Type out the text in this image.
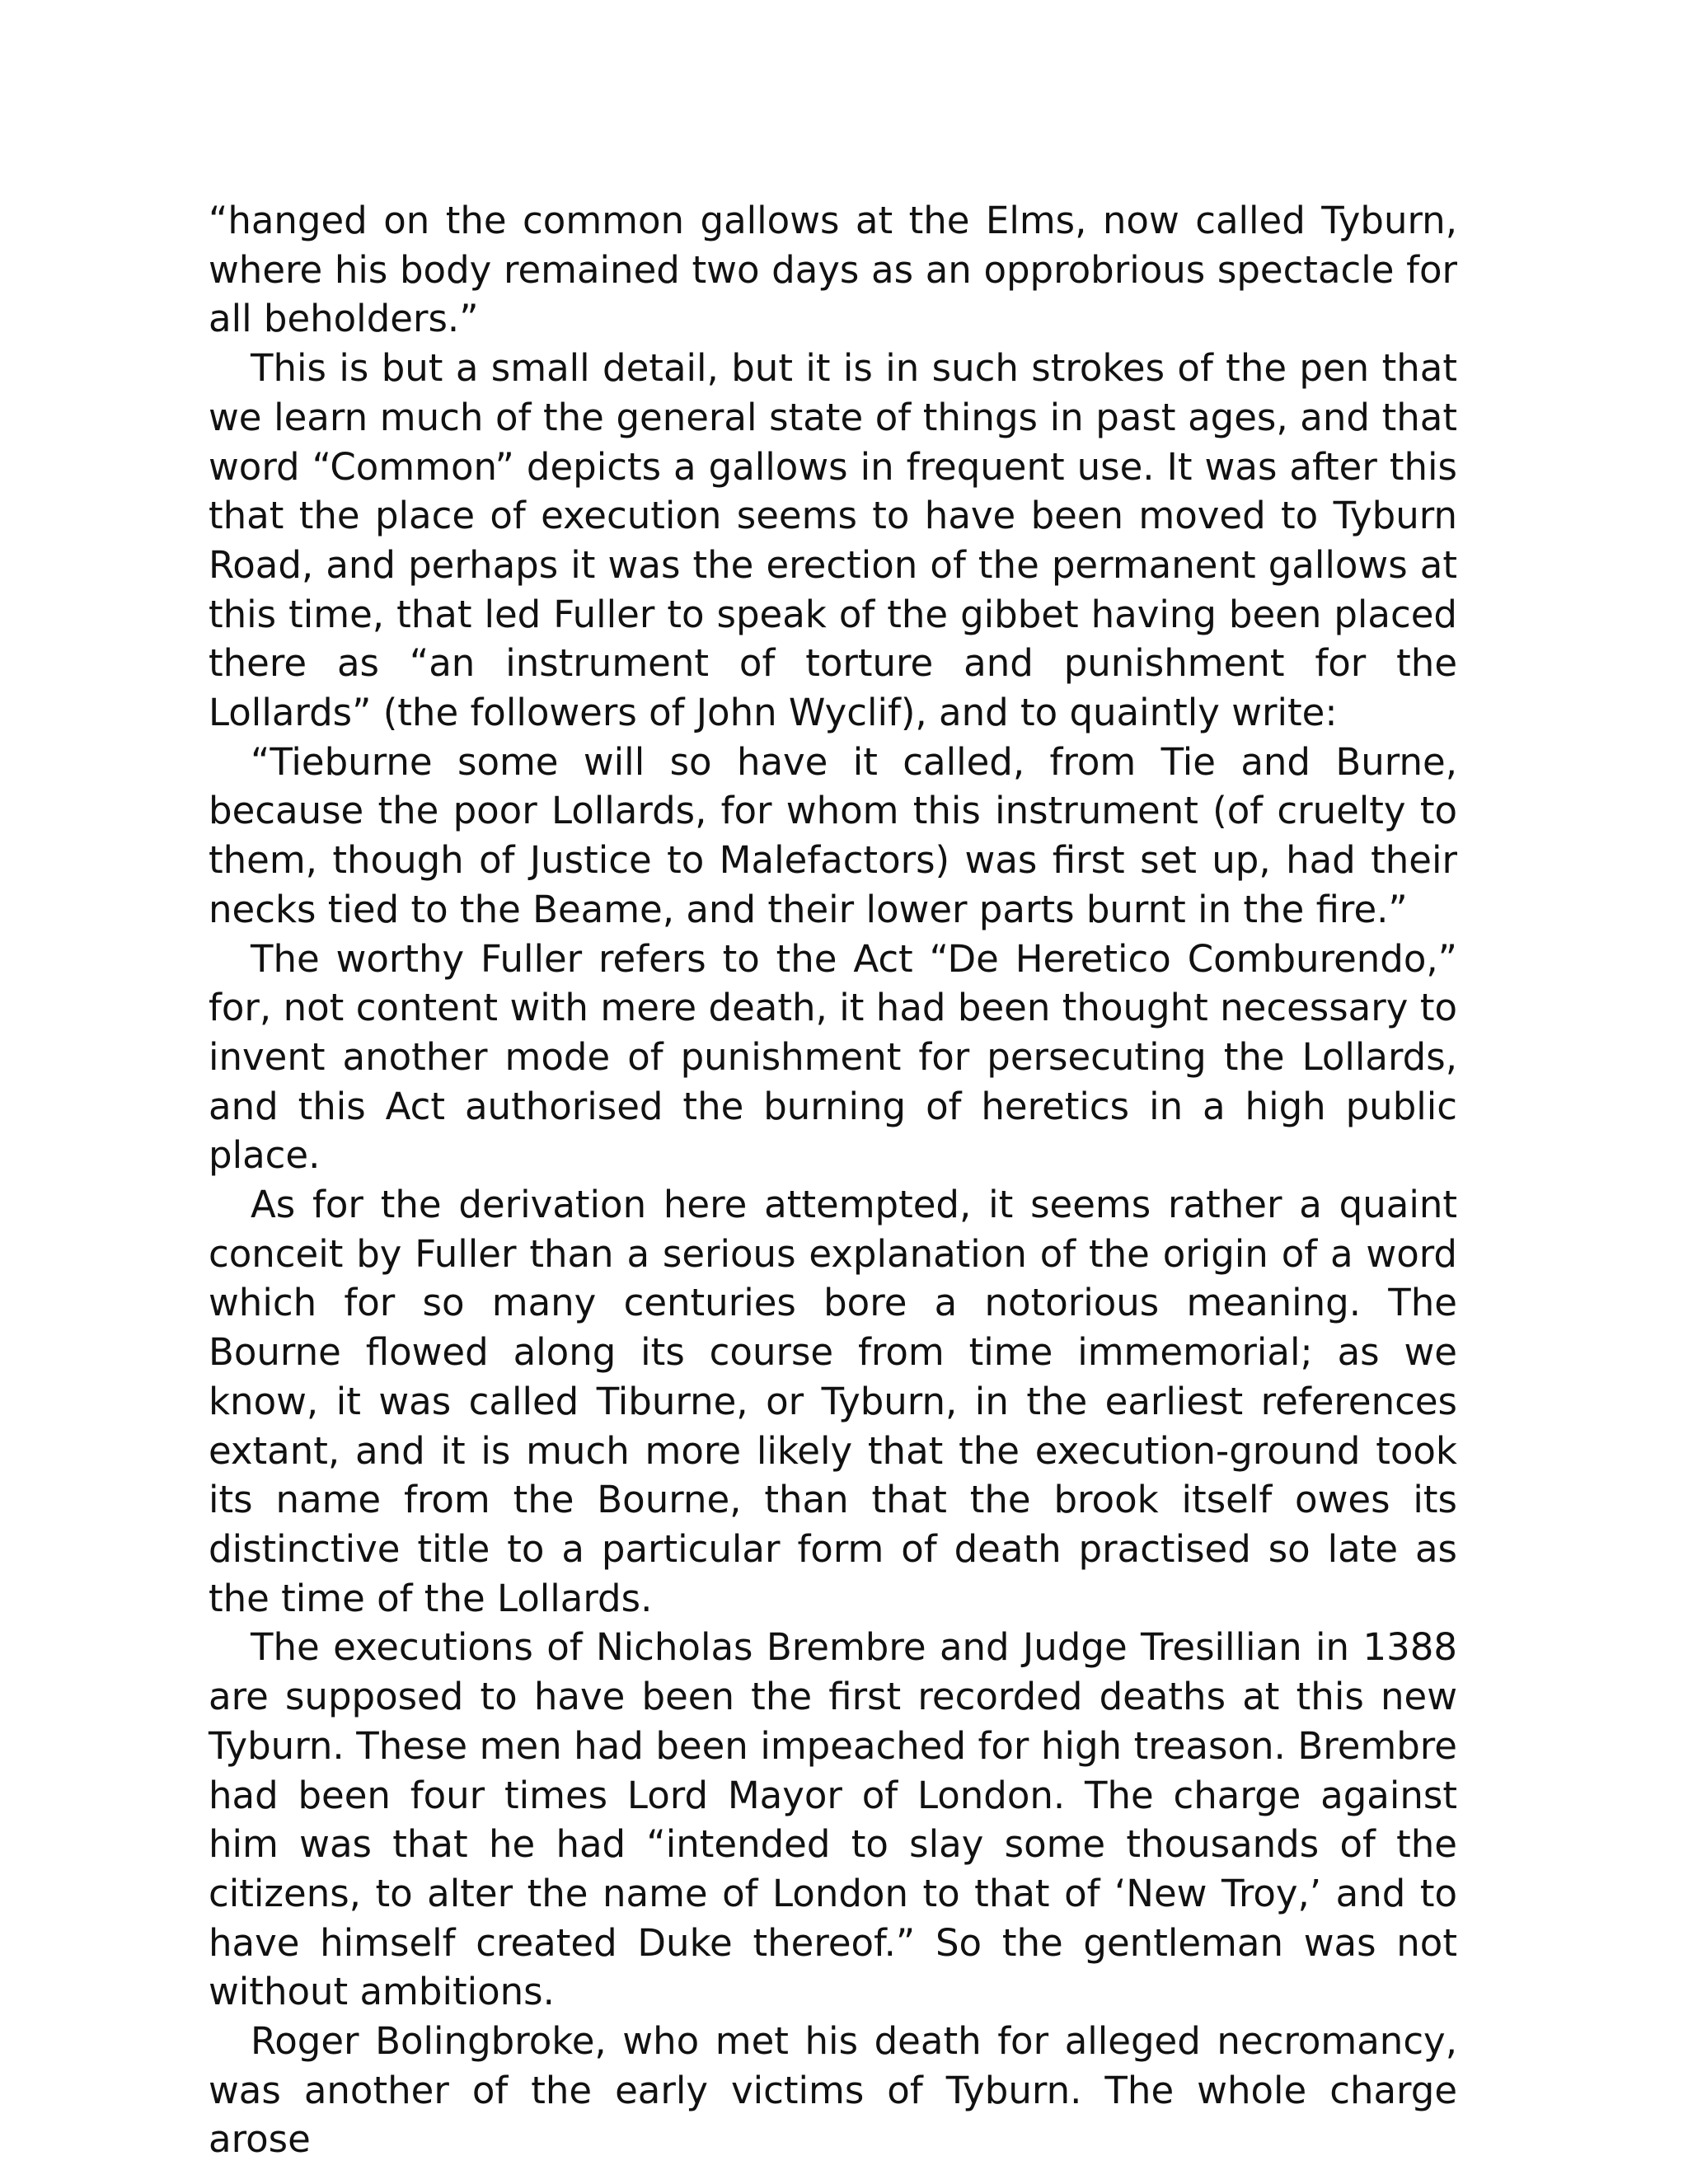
“hanged on the common gallows at the Elms, now called Tyburn, where his body remained two days as an opprobrious spectacle for all beholders.”

This is but a small detail, but it is in such strokes of the pen that we learn much of the general state of things in past ages, and that word “Common” depicts a gallows in frequent use. It was after this that the place of execution seems to have been moved to Tyburn Road, and perhaps it was the erection of the permanent gallows at this time, that led Fuller to speak of the gibbet having been placed there as “an instrument of torture and punishment for the Lollards” (the followers of John Wyclif), and to quaintly write:

“Tieburne some will so have it called, from Tie and Burne, because the poor Lollards, for whom this instrument (of cruelty to them, though of Justice to Malefactors) was first set up, had their necks tied to the Beame, and their lower parts burnt in the fire.”

The worthy Fuller refers to the Act “De Heretico Comburendo,” for, not content with mere death, it had been thought necessary to invent another mode of punishment for persecuting the Lollards, and this Act authorised the burning of heretics in a high public place.

As for the derivation here attempted, it seems rather a quaint conceit by Fuller than a serious explanation of the origin of a word which for so many centuries bore a notorious meaning. The Bourne flowed along its course from time immemorial; as we know, it was called Tiburne, or Tyburn, in the earliest references extant, and it is much more likely that the execution-ground took its name from the Bourne, than that the brook itself owes its distinctive title to a particular form of death practised so late as the time of the Lollards.

The executions of Nicholas Brembre and Judge Tresillian in 1388 are supposed to have been the first recorded deaths at this new Tyburn. These men had been impeached for high treason. Brembre had been four times Lord Mayor of London. The charge against him was that he had “intended to slay some thousands of the citizens, to alter the name of London to that of ‘New Troy,’ and to have himself created Duke thereof.” So the gentleman was not without ambitions.

Roger Bolingbroke, who met his death for alleged necromancy, was another of the early victims of Tyburn. The whole charge arose
